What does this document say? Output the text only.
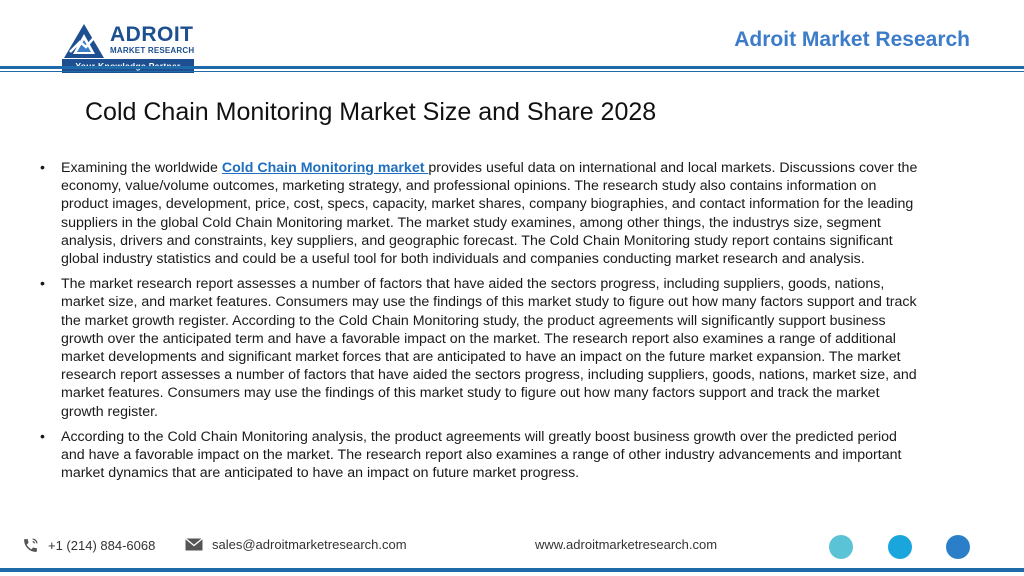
ADROIT
MARKET RESEARCH	Adroit Market Research
Cold Chain Monitoring Market Size and Share 2028
• Examining the worldwide Cold Chain Monitoring market provides useful data on international and local markets. Discussions cover the economy, value/volume outcomes, marketing strategy, and professional opinions. The research study also contains information on product images, development, price, cost, specs, capacity, market shares, company biographies, and contact information for the leading suppliers in the global Cold Chain Monitoring market. The market study examines, among other things, the industrys size, segment analysis, drivers and constraints, key suppliers, and geographic forecast. The Cold Chain Monitoring study report contains significant global industry statistics and could be a useful tool for both individuals and companies conducting market research and analysis.
• The market research report assesses a number of factors that have aided the sectors progress, including suppliers, goods, nations, market size, and market features. Consumers may use the findings of this market study to figure out how many factors support and track the market growth register. According to the Cold Chain Monitoring study, the product agreements will significantly support business growth over the anticipated term and have a favorable impact on the market. The research report also examines a range of additional market developments and significant market forces that are anticipated to have an impact on the future market expansion. The market research report assesses a number of factors that have aided the sectors progress, including suppliers, goods, nations, market size, and market features. Consumers may use the findings of this market study to figure out how many factors support and track the market growth register.
• According to the Cold Chain Monitoring analysis, the product agreements will greatly boost business growth over the predicted period and have a favorable impact on the market. The research report also examines a range of other industry advancements and important market dynamics that are anticipated to have an impact on future market progress.
+1 (214) 884-6068	sales@adroitmarketresearch.com	www.adroitmarketresearch.com
